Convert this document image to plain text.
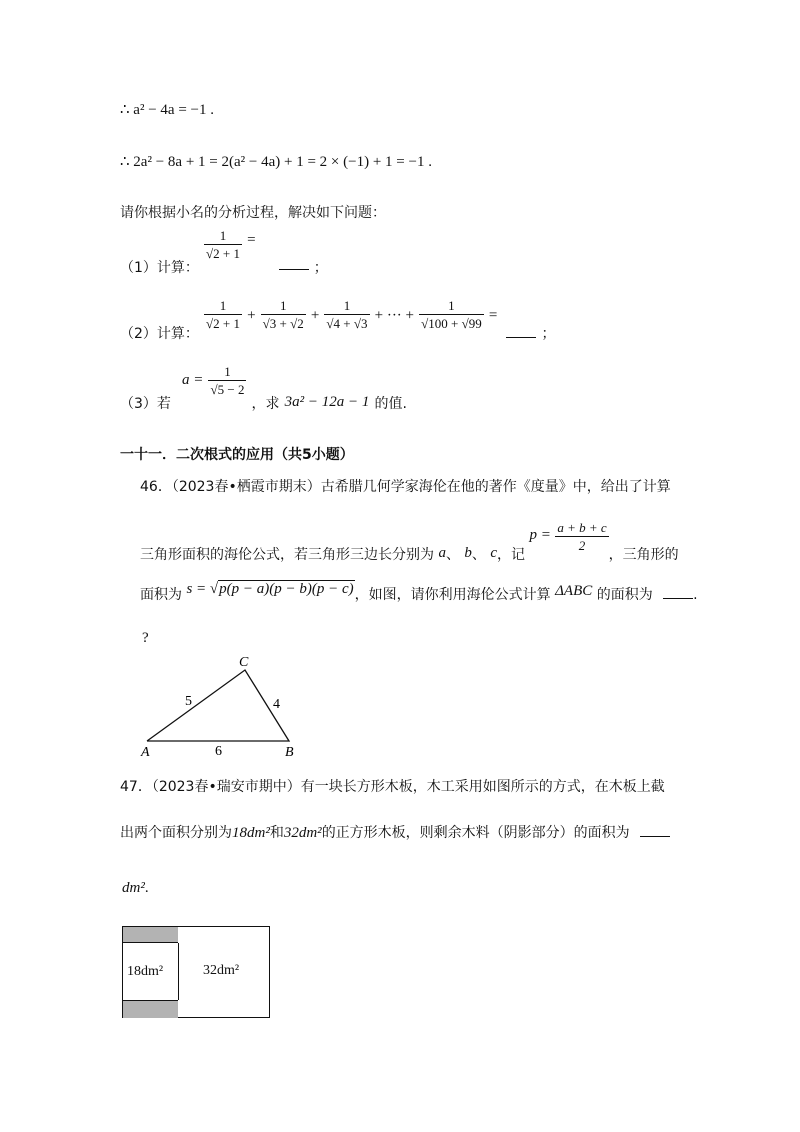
∴ a² − 4a = −1 .
∴ 2a² − 8a + 1 = 2(a² − 4a) + 1 = 2 × (−1) + 1 = −1 .
请你根据小名的分析过程，解决如下问题：
（1）计算：
$\frac{1}{√2 + 1}$ =  ；
（2）计算：
$\frac{1}{√2 + 1} + \frac{1}{√3 + √2} + \frac{1}{√4 + √3}$ + ··· + $\frac{1}{√100 + √99}$ =  ；
（3）若 $a = \frac{1}{√5 - 2}$
，求 3a² − 12a − 1 的值.
一十一．二次根式的应用（共5小题）
46．（2023春•栖霞市期末）古希腊几何学家海伦在他的著作《度量》中，给出了计算
三角形面积的海伦公式，若三角形三边长分别为 a、 b、 c，记 $p = \frac{a + b + c}{2}$
，三角形的
面积为 s = √p(p − a)(p − b)(p − c)，如图，请你利用海伦公式计算 ΔABC 的面积为	.
?
C
A	B
5	4
6
47．（2023春•瑞安市期中）有一块长方形木板，木工采用如图所示的方式，在木板上截
出两个面积分别为18dm²和32dm²的正方形木板，则剩余木料（阴影部分）的面积为
dm².
18dm²	32dm²
